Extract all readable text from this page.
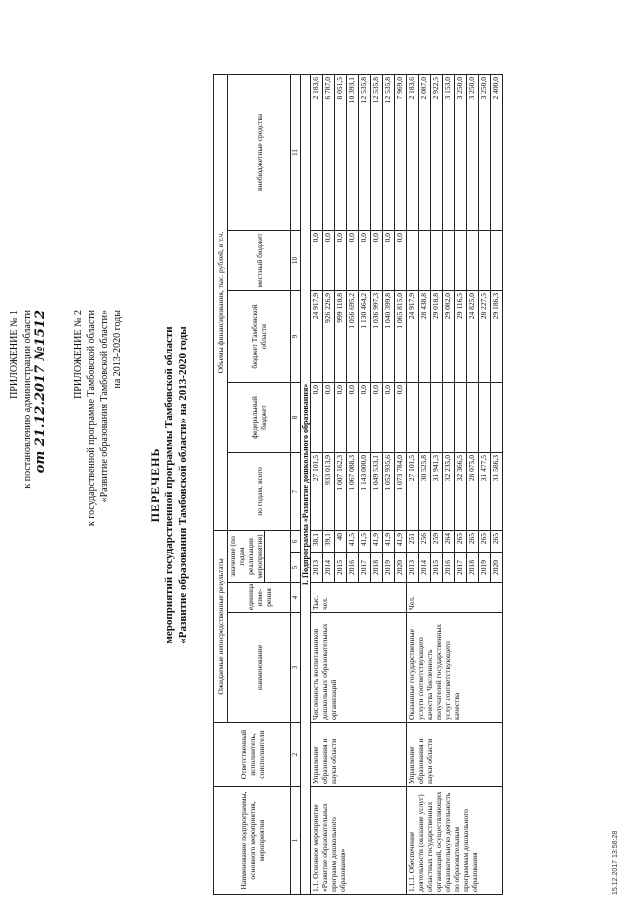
ПРИЛОЖЕНИЕ № 1 к постановлению администрации области от 21.12.2017 №1512	ПРИЛОЖЕНИЕ № 2 к государственной программе Тамбовской области «Развитие образования Тамбовской области» на 2013-2020 годы
ПЕРЕЧЕНЬ мероприятий государственной программы Тамбовской области «Развитие образования Тамбовской области» на 2013-2020 годы
Наименование подпрограммы, основного мероприятия, мероприятия	Ответственный исполнитель, соисполнители	Ожидаемые непосредственные результаты				Объемы финансирования, тыс. рублей, в т.ч.				
		наименование	единица изме-рения	значение (по годам реализации мероприятия)		по годам, всего	федеральный бюджет	бюджет Тамбовской области	местный бюджет	внебюджетные средства

1	2	3	4	5	6	7	8	9	10	11
I. Подпрограмма «Развитие дошкольного образования»										
1.1. Основное мероприятие «Развитие образовательных программ дошкольного образования»	Управление образования и науки области	Численность воспитанников дошкольных образовательных организаций	Тыс. чел.	2013	38,1	27 101,5	0,0	24 917,9	0,0	2 183,6
				2014	39,1	933 013,9	0,0	926 226,9	0,0	6 787,0
				2015	40	1 007 162,3	0,0	999 110,8	0,0	8 051,5
				2016	41,5	1 067 088,3	0,0	1 056 695,2	0,0	10 393,1
				2017	41,5	1 143 000,0	0,0	1 130 464,2	0,0	12 535,8
				2018	41,9	1 049 533,1	0,0	1 036 997,3	0,0	12 535,8
				2019	41,9	1 052 935,6	0,0	1 040 399,8	0,0	12 535,8
				2020	41,9	1 073 784,0	0,0	1 065 815,0	0,0	7 969,0
1.1.1. Обеспечение деятельности (оказание услуг) областных государственных организаций, осуществляющих образовательную деятельность по образовательным программам дошкольного образования	Управление образования и науки области	Оказанные государственные услуги соответствующего качества Численность получателей государственных услуг соответствующего качества	Чел.	2013	251	27 101,5		24 917,9		2 183,6
				2014	256	30 525,8		28 438,8		2 087,0
				2015	259	31 941,3		29 018,8		2 922,5
				2016	264	32 235,0		29 082,0		3 153,0
				2017	265	32 366,5		29 116,5		3 250,0
				2018	265	28 075,0		24 825,0		3 250,0
				2019	265	31 477,5		28 227,5		3 250,0
				2020	265	31 586,3		29 186,3		2 400,0
15.12.2017 13:58:28
